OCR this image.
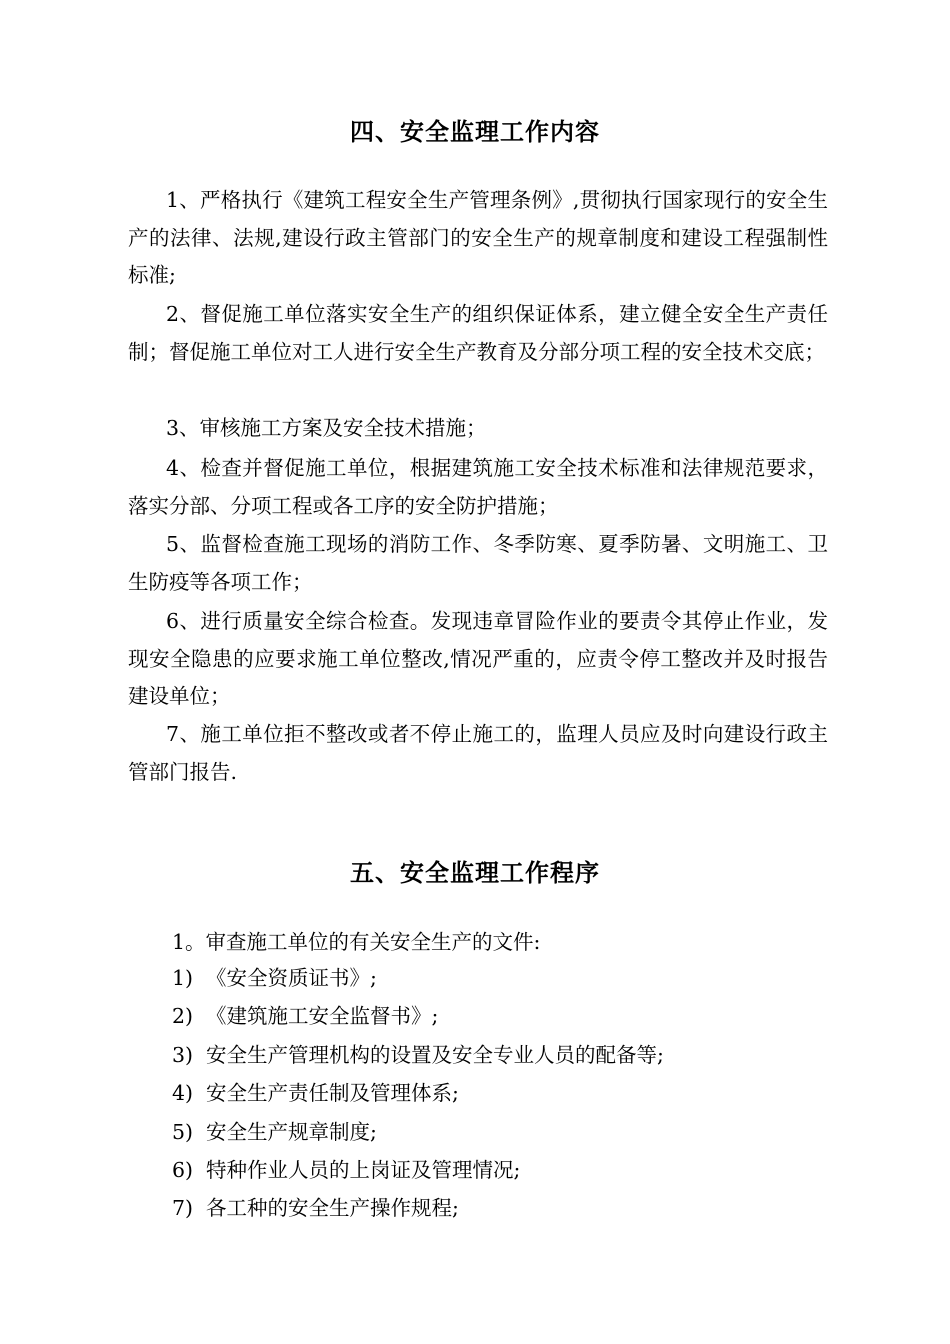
四、安全监理工作内容
1、严格执行《建筑工程安全生产管理条例》,贯彻执行国家现行的安全生产的法律、法规,建设行政主管部门的安全生产的规章制度和建设工程强制性标准;
2、督促施工单位落实安全生产的组织保证体系，建立健全安全生产责任制；督促施工单位对工人进行安全生产教育及分部分项工程的安全技术交底；
3、审核施工方案及安全技术措施；
4、检查并督促施工单位，根据建筑施工安全技术标准和法律规范要求，落实分部、分项工程或各工序的安全防护措施；
5、监督检查施工现场的消防工作、冬季防寒、夏季防暑、文明施工、卫生防疫等各项工作；
6、进行质量安全综合检查。发现违章冒险作业的要责令其停止作业，发现安全隐患的应要求施工单位整改,情况严重的，应责令停工整改并及时报告建设单位；
7、施工单位拒不整改或者不停止施工的，监理人员应及时向建设行政主管部门报告.
五、安全监理工作程序
1。审查施工单位的有关安全生产的文件:
1) 《安全资质证书》;
2) 《建筑施工安全监督书》;
3) 安全生产管理机构的设置及安全专业人员的配备等;
4) 安全生产责任制及管理体系;
5) 安全生产规章制度;
6) 特种作业人员的上岗证及管理情况;
7) 各工种的安全生产操作规程;
